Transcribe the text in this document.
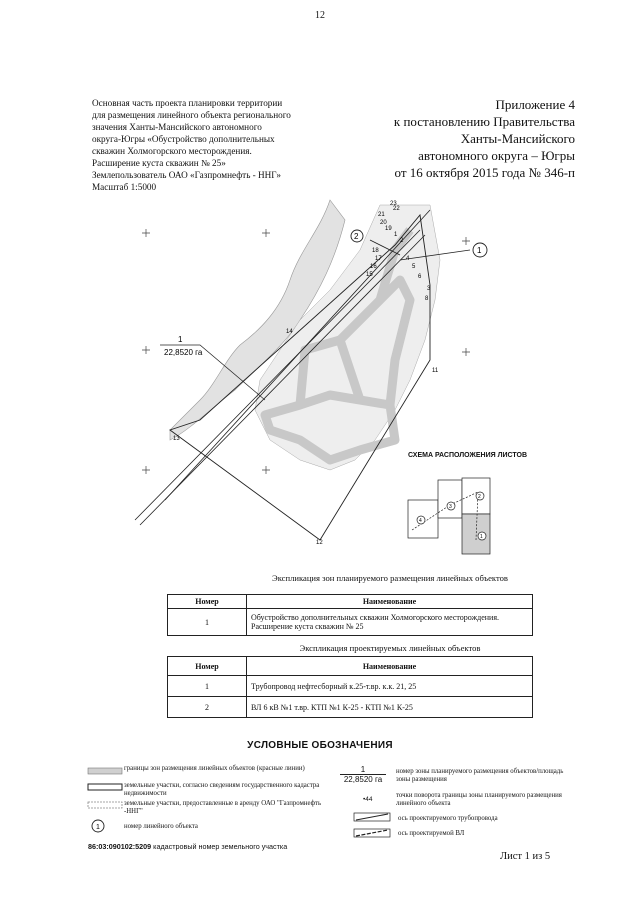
12
Основная часть проекта планировки территории
для размещения линейного объекта регионального
значения Ханты-Мансийского автономного
округа-Югры «Обустройство дополнительных
скважин Холмогорского месторождения.
Расширение куста скважин № 25»
Землепользователь ОАО «Газпромнефть - ННГ»
Масштаб 1:5000
Приложение 4
к постановлению Правительства
Ханты-Мансийского
автономного округа – Югры
от 16 октября 2015 года № 346-п
1
22,8520 га
2
1
13
14
11
12
23
21
18
17
16
15	6
5
4
3
2
1
8
22
20
19
4
3
2
1
СХЕМА РАСПОЛОЖЕНИЯ ЛИСТОВ
Экспликация зон планируемого размещения линейных объектов
Номер	Наименование
1	Обустройство дополнительных скважин Холмогорского месторождения. Расширение куста скважин № 25
Экспликация проектируемых линейных объектов
Номер	Наименование
1	Трубопровод нефтесборный к.25-т.вр. к.к. 21, 25
2	ВЛ 6 кВ №1 т.вр. КТП №1 К-25 - КТП №1 К-25
УСЛОВНЫЕ ОБОЗНАЧЕНИЯ
1
границы зон размещения линейных объектов (красные линии)
земельные участки, согласно сведениям государственного кадастра недвижимости
земельные участки, предоставленные в аренду ОАО "Газпромнефть -ННГ"
номер линейного объекта
1
22,8520 га
номер зоны планируемого размещения объектов/площадь зоны размещения
•44
точки поворота границы зоны планируемого размещения линейного объекта
ось проектируемого трубопровода
ось проектируемой ВЛ
86:03:090102:5209 кадастровый номер земельного участка
Лист 1 из 5
